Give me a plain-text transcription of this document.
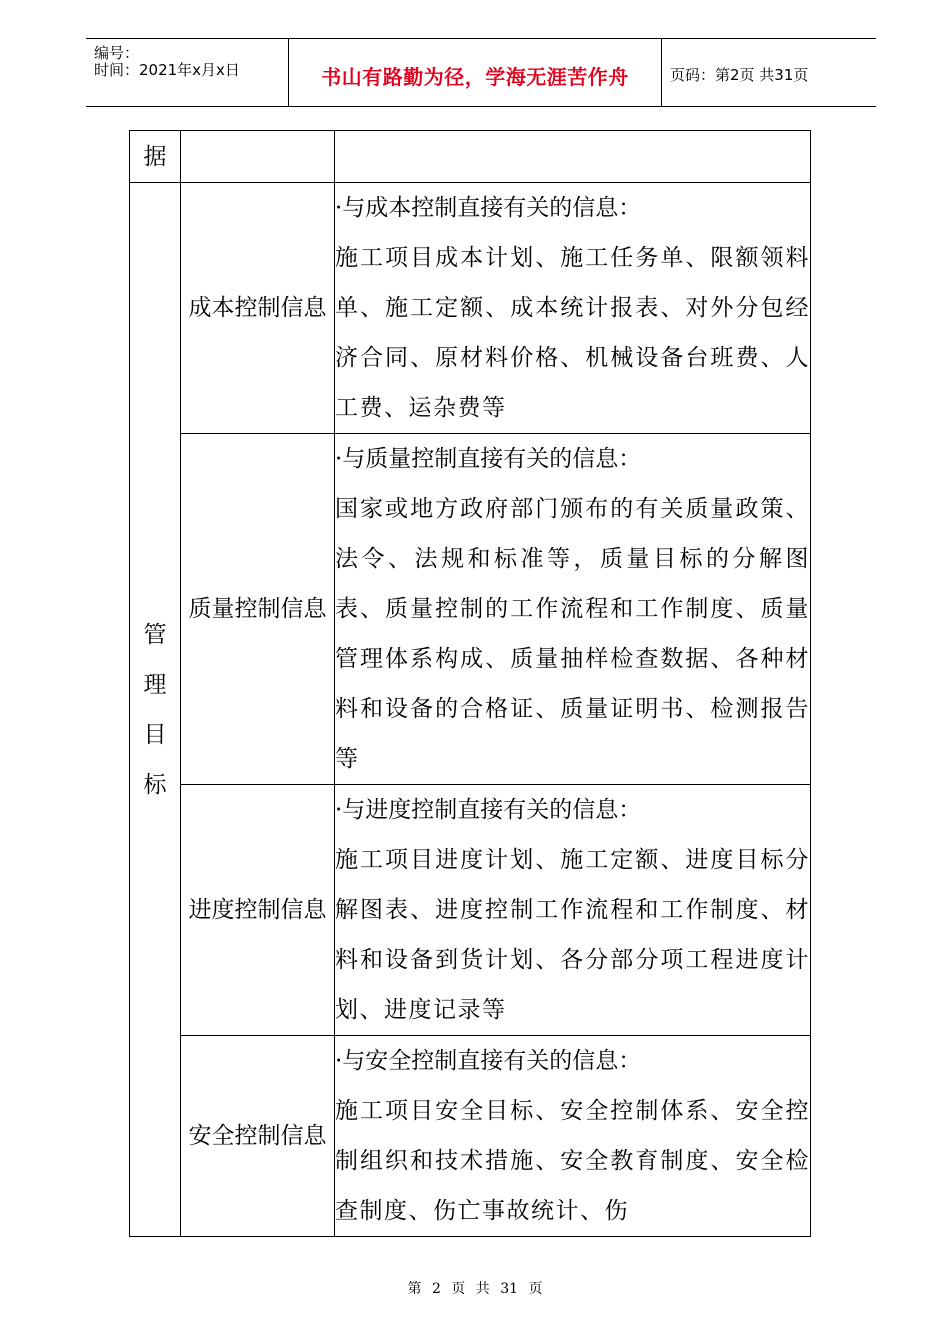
编号：
时间：2021年x月x日	书山有路勤为径，学海无涯苦作舟	页码：第2页 共31页
据		

管
理
目
标	成本控制信息	·与成本控制直接有关的信息：
施工项目成本计划、施工任务单、限额领料单、施工定额、成本统计报表、对外分包经济合同、原材料价格、机械设备台班费、人工费、运杂费等

	质量控制信息	·与质量控制直接有关的信息：
国家或地方政府部门颁布的有关质量政策、法令、法规和标准等，质量目标的分解图表、质量控制的工作流程和工作制度、质量管理体系构成、质量抽样检查数据、各种材料和设备的合格证、质量证明书、检测报告等

	进度控制信息	·与进度控制直接有关的信息：
施工项目进度计划、施工定额、进度目标分解图表、进度控制工作流程和工作制度、材料和设备到货计划、各分部分项工程进度计划、进度记录等

	安全控制信息	·与安全控制直接有关的信息：
施工项目安全目标、安全控制体系、安全控制组织和技术措施、安全教育制度、安全检查制度、伤亡事故统计、伤
第 2 页 共 31 页
